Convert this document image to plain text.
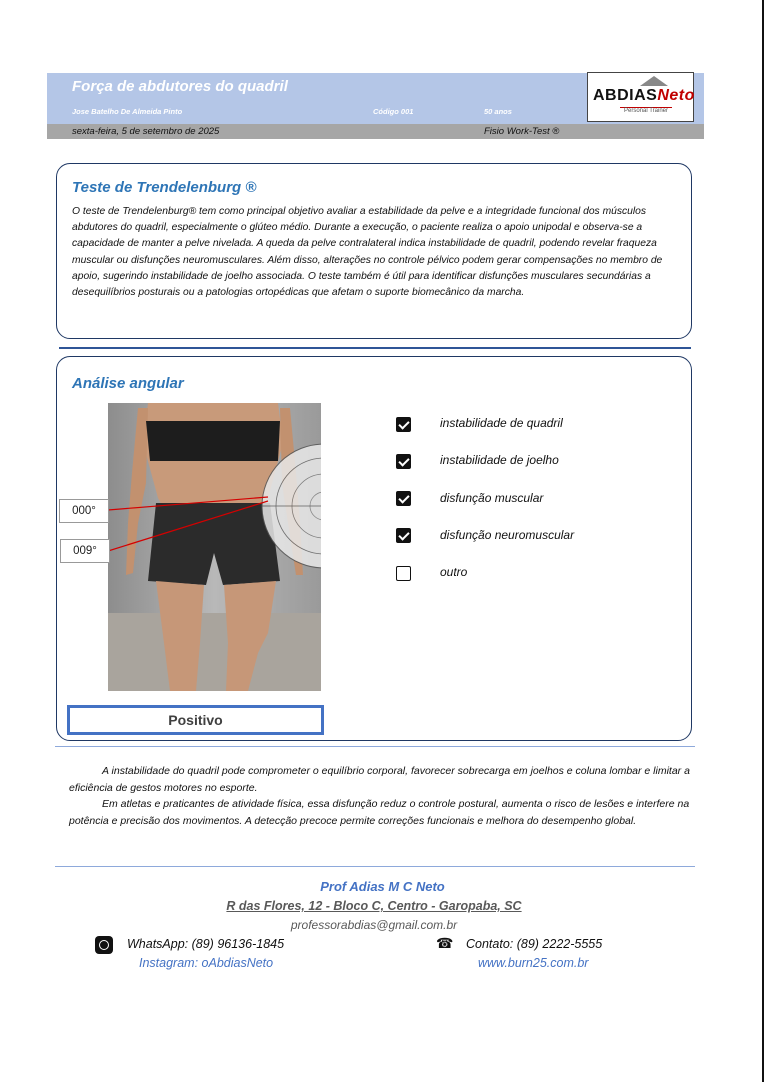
Força de abdutores do quadril
Jose Batelho De Almeida Pinto	Código 001	50 anos
sexta-feira, 5 de setembro de 2025	Fisio Work-Test ®
ABDIASNeto
Personal Trainer
Teste de Trendelenburg ®
O teste de Trendelenburg® tem como principal objetivo avaliar a estabilidade da pelve e a integridade funcional dos músculos abdutores do quadril, especialmente o glúteo médio. Durante a execução, o paciente realiza o apoio unipodal e observa-se a capacidade de manter a pelve nivelada. A queda da pelve contralateral indica instabilidade de quadril, podendo revelar fraqueza muscular ou disfunções neuromusculares. Além disso, alterações no controle pélvico podem gerar compensações no membro de apoio, sugerindo instabilidade de joelho associada. O teste também é útil para identificar disfunções musculares secundárias a desequilíbrios posturais ou a patologias ortopédicas que afetam o suporte biomecânico da marcha.
Análise angular
000°
009°
Positivo
instabilidade de quadril
instabilidade de joelho
disfunção muscular
disfunção neuromuscular
outro

A instabilidade do quadril pode comprometer o equilíbrio corporal, favorecer sobrecarga em joelhos e coluna lombar e limitar a eficiência de gestos motores no esporte.

Em atletas e praticantes de atividade física, essa disfunção reduz o controle postural, aumenta o risco de lesões e interfere na potência e precisão dos movimentos. A detecção precoce permite correções funcionais e melhora do desempenho global.

Prof Adias M C Neto
R das Flores, 12 - Bloco C, Centro - Garopaba, SC
professorabdias@gmail.com.br
WhatsApp: (89) 96136-1845	☎ Contato: (89) 2222-5555
Instagram: oAbdiasNeto	www.burn25.com.br
